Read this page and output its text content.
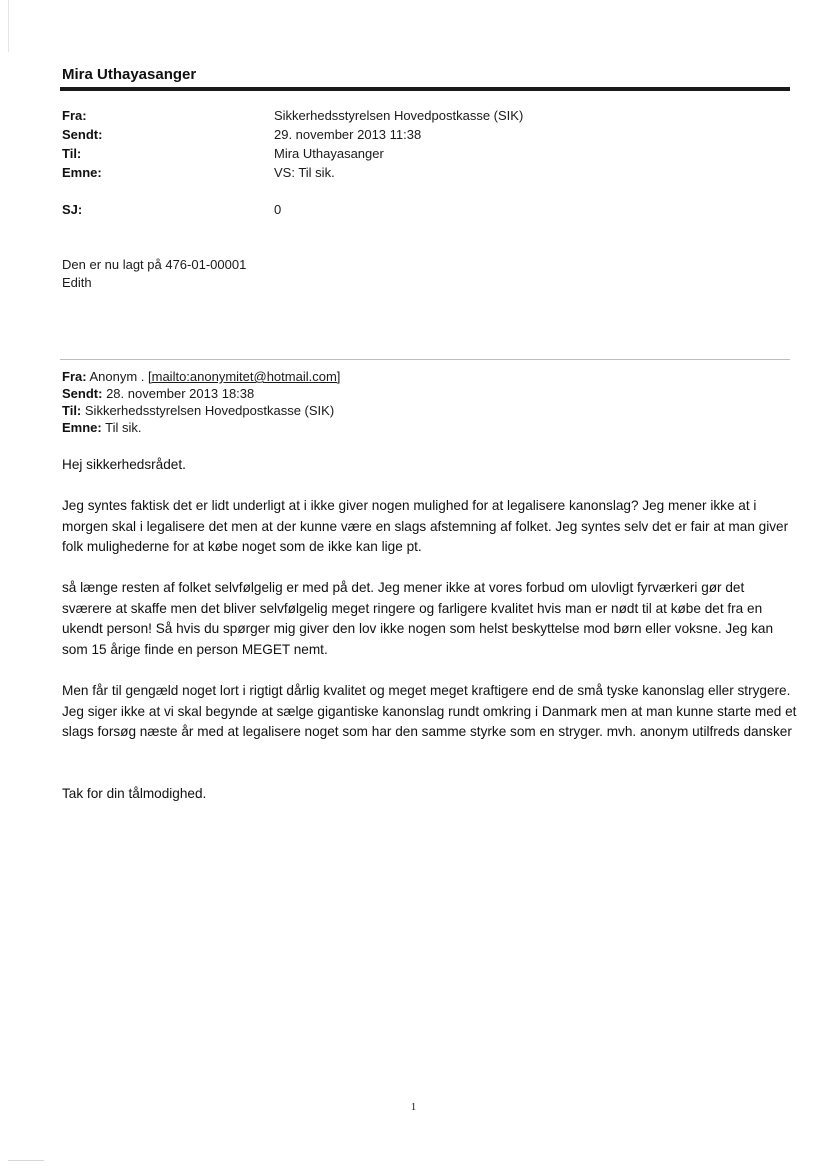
Mira Uthayasanger
Fra:	Sikkerhedsstyrelsen Hovedpostkasse (SIK)
Sendt:	29. november 2013 11:38
Til:	Mira Uthayasanger
Emne:	VS: Til sik.
SJ:	0
Den er nu lagt på 476-01-00001
Edith
Fra: Anonym . [mailto:anonymitet@hotmail.com]
Sendt: 28. november 2013 18:38
Til: Sikkerhedsstyrelsen Hovedpostkasse (SIK)
Emne: Til sik.

Hej sikkerhedsrådet.

Jeg syntes faktisk det er lidt underligt at i ikke giver nogen mulighed for at legalisere kanonslag? Jeg mener ikke at i morgen skal i legalisere det men at der kunne være en slags afstemning af folket. Jeg syntes selv det er fair at man giver folk mulighederne for at købe noget som de ikke kan lige pt.

så længe resten af folket selvfølgelig er med på det. Jeg mener ikke at vores forbud om ulovligt fyrværkeri gør det sværere at skaffe men det bliver selvfølgelig meget ringere og farligere kvalitet hvis man er nødt til at købe det fra en ukendt person! Så hvis du spørger mig giver den lov ikke nogen som helst beskyttelse mod børn eller voksne. Jeg kan som 15 årige finde en person MEGET nemt.

Men får til gengæld noget lort i rigtigt dårlig kvalitet og meget meget kraftigere end de små tyske kanonslag eller strygere. Jeg siger ikke at vi skal begynde at sælge gigantiske kanonslag rundt omkring i Danmark men at man kunne starte med et slags forsøg næste år med at legalisere noget som har den samme styrke som en stryger. mvh. anonym utilfreds dansker

Tak for din tålmodighed.

1
